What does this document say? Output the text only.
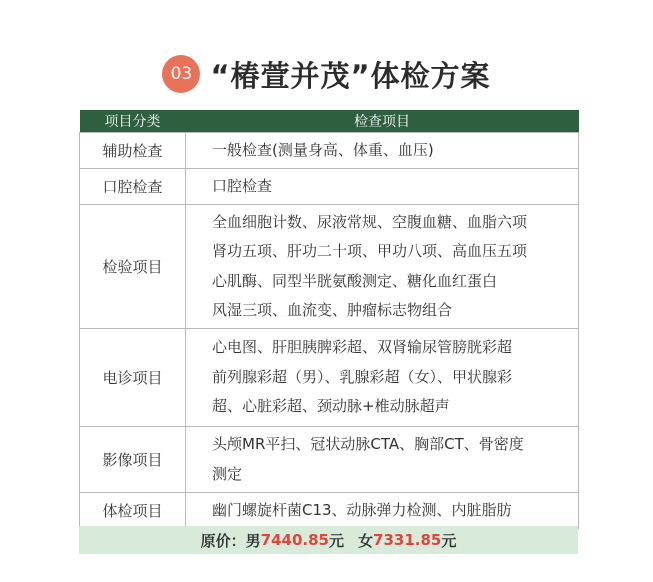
03 “椿萱并茂”体检方案
项目分类	检查项目
辅助检查	一般检查(测量身高、体重、血压)

口腔检查	口腔检查

检验项目	全血细胞计数、尿液常规、空腹血糖、血脂六项
肾功五项、肝功二十项、甲功八项、高血压五项
心肌酶、同型半胱氨酸测定、糖化血红蛋白
风湿三项、血流变、肿瘤标志物组合

电诊项目	心电图、肝胆胰脾彩超、双肾输尿管膀胱彩超
前列腺彩超（男）、乳腺彩超（女）、甲状腺彩
超、心脏彩超、颈动脉+椎动脉超声

影像项目	头颅MR平扫、冠状动脉CTA、胸部CT、骨密度
测定

体检项目	幽门螺旋杆菌C13、动脉弹力检测、内脏脂肪
原价： 男 7440.85 元 女 7331.85 元
